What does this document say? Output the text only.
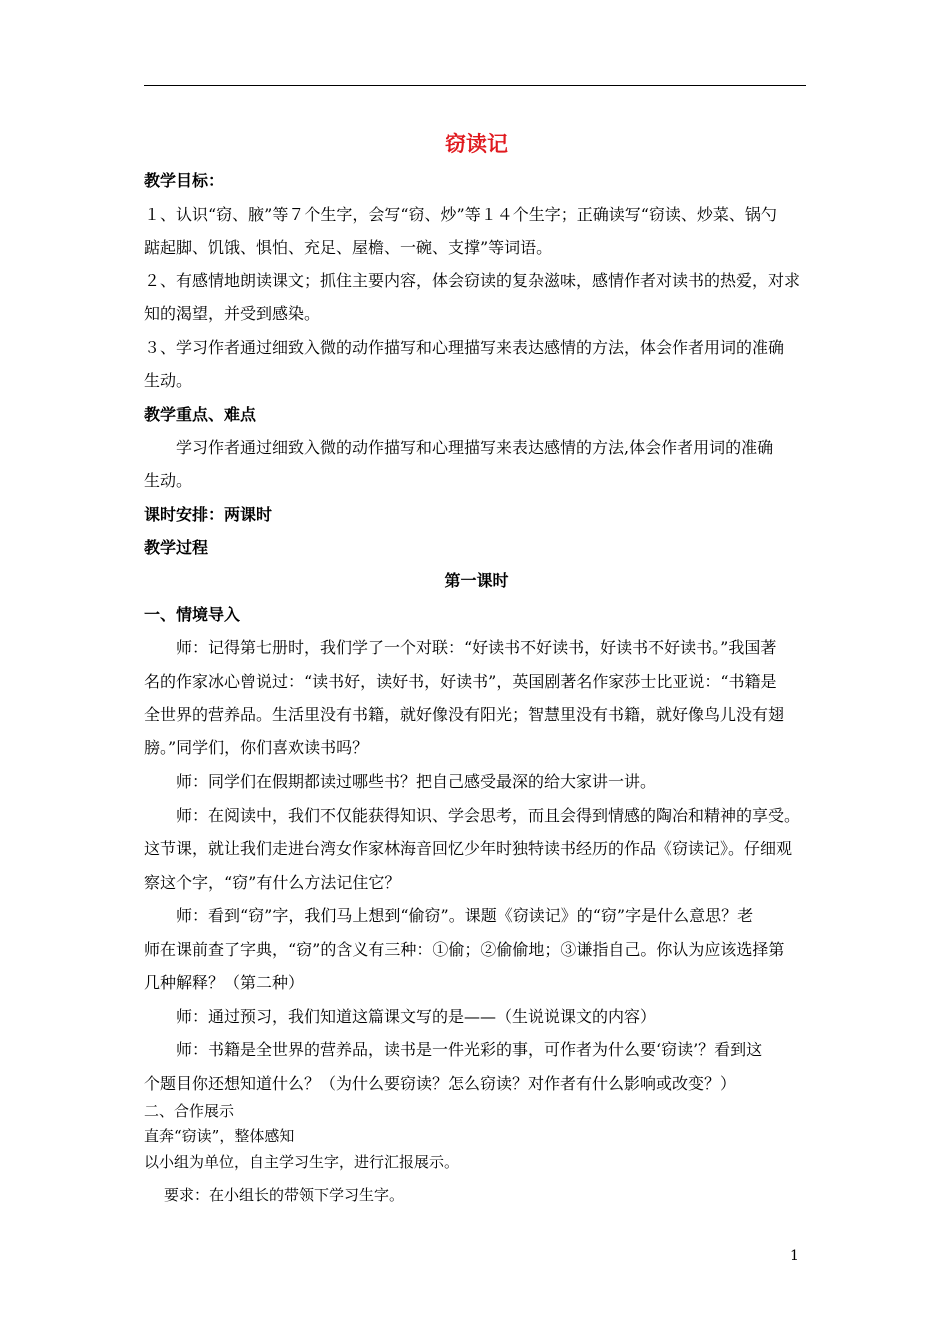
窃读记
教学目标：
１、认识“窃、腋”等７个生字，会写“窃、炒”等１４个生字；正确读写“窃读、炒菜、锅勺
踮起脚、饥饿、惧怕、充足、屋檐、一碗、支撑”等词语。
２、有感情地朗读课文；抓住主要内容，体会窃读的复杂滋味，感情作者对读书的热爱，对求
知的渴望，并受到感染。
３、学习作者通过细致入微的动作描写和心理描写来表达感情的方法，体会作者用词的准确
生动。
教学重点、难点
学习作者通过细致入微的动作描写和心理描写来表达感情的方法,体会作者用词的准确
生动。
课时安排：两课时
教学过程
第一课时
一、情境导入
师：记得第七册时，我们学了一个对联：“好读书不好读书，好读书不好读书。”我国著
名的作家冰心曾说过：“读书好，读好书，好读书”，英国剧著名作家莎士比亚说：“书籍是
全世界的营养品。生活里没有书籍，就好像没有阳光；智慧里没有书籍，就好像鸟儿没有翅
膀。”同学们，你们喜欢读书吗？
师：同学们在假期都读过哪些书？把自己感受最深的给大家讲一讲。
师：在阅读中，我们不仅能获得知识、学会思考，而且会得到情感的陶冶和精神的享受。
这节课，就让我们走进台湾女作家林海音回忆少年时独特读书经历的作品《窃读记》。仔细观
察这个字，“窃”有什么方法记住它？
师：看到“窃”字，我们马上想到“偷窃”。课题《窃读记》的“窃”字是什么意思？老
师在课前查了字典，“窃”的含义有三种：①偷；②偷偷地；③谦指自己。你认为应该选择第
几种解释？（第二种）
师：通过预习，我们知道这篇课文写的是——（生说说课文的内容）
师：书籍是全世界的营养品，读书是一件光彩的事，可作者为什么要‘窃读’？看到这
个题目你还想知道什么？（为什么要窃读？怎么窃读？对作者有什么影响或改变？）
二、合作展示
直奔“窃读”，整体感知
以小组为单位，自主学习生字，进行汇报展示。
要求：在小组长的带领下学习生字。
1
